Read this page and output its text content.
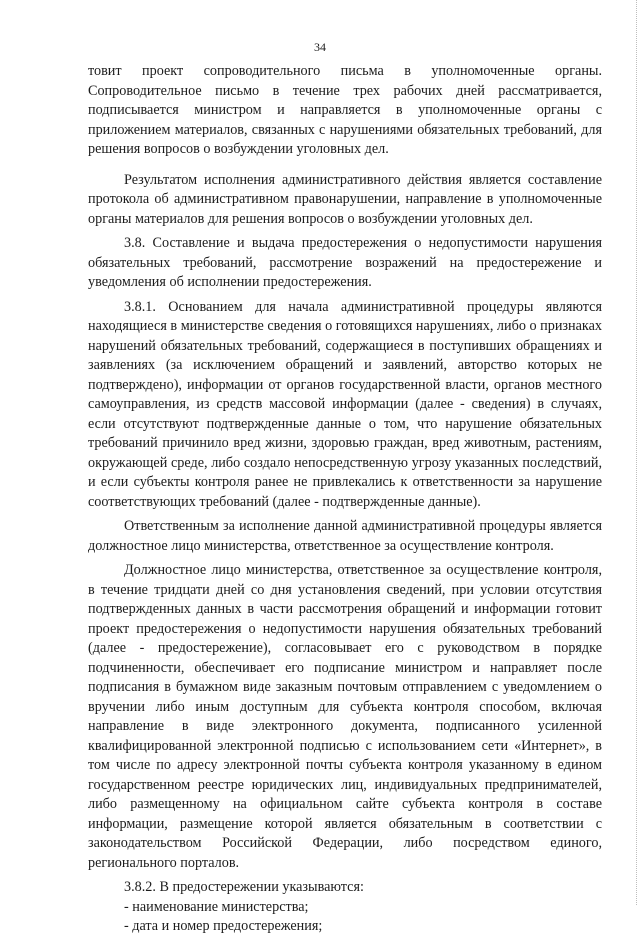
34

товит проект сопроводительного письма в уполномоченные органы. Сопроводительное письмо в течение трех рабочих дней рассматривается, подписывается министром и направляется в уполномоченные органы с приложением материалов, связанных с нарушениями обязательных требований, для решения вопросов о возбуждении уголовных дел.

Результатом исполнения административного действия является составление протокола об административном правонарушении, направление в уполномоченные органы материалов для решения вопросов о возбуждении уголовных дел.

3.8. Составление и выдача предостережения о недопустимости нарушения обязательных требований, рассмотрение возражений на предостережение и уведомления об исполнении предостережения.

3.8.1. Основанием для начала административной процедуры являются находящиеся в министерстве сведения о готовящихся нарушениях, либо о признаках нарушений обязательных требований, содержащиеся в поступивших обращениях и заявлениях (за исключением обращений и заявлений, авторство которых не подтверждено), информации от органов государственной власти, органов местного самоуправления, из средств массовой информации (далее - сведения) в случаях, если отсутствуют подтвержденные данные о том, что нарушение обязательных требований причинило вред жизни, здоровью граждан, вред животным, растениям, окружающей среде, либо создало непосредственную угрозу указанных последствий, и если субъекты контроля ранее не привлекались к ответственности за нарушение соответствующих требований (далее - подтвержденные данные).

Ответственным за исполнение данной административной процедуры является должностное лицо министерства, ответственное за осуществление контроля.

Должностное лицо министерства, ответственное за осуществление контроля, в течение тридцати дней со дня установления сведений, при условии отсутствия подтвержденных данных в части рассмотрения обращений и информации готовит проект предостережения о недопустимости нарушения обязательных требований (далее - предостережение), согласовывает его с руководством в порядке подчиненности, обеспечивает его подписание министром и направляет после подписания в бумажном виде заказным почтовым отправлением с уведомлением о вручении либо иным доступным для субъекта контроля способом, включая направление в виде электронного документа, подписанного усиленной квалифицированной электронной подписью с использованием сети «Интернет», в том числе по адресу электронной почты субъекта контроля указанному в едином государственном реестре юридических лиц, индивидуальных предпринимателей, либо размещенному на официальном сайте субъекта контроля в составе информации, размещение которой является обязательным в соответствии с законодательством Российской Федерации, либо посредством единого, регионального порталов.

3.8.2. В предостережении указываются:

- наименование министерства;

- дата и номер предостережения;
